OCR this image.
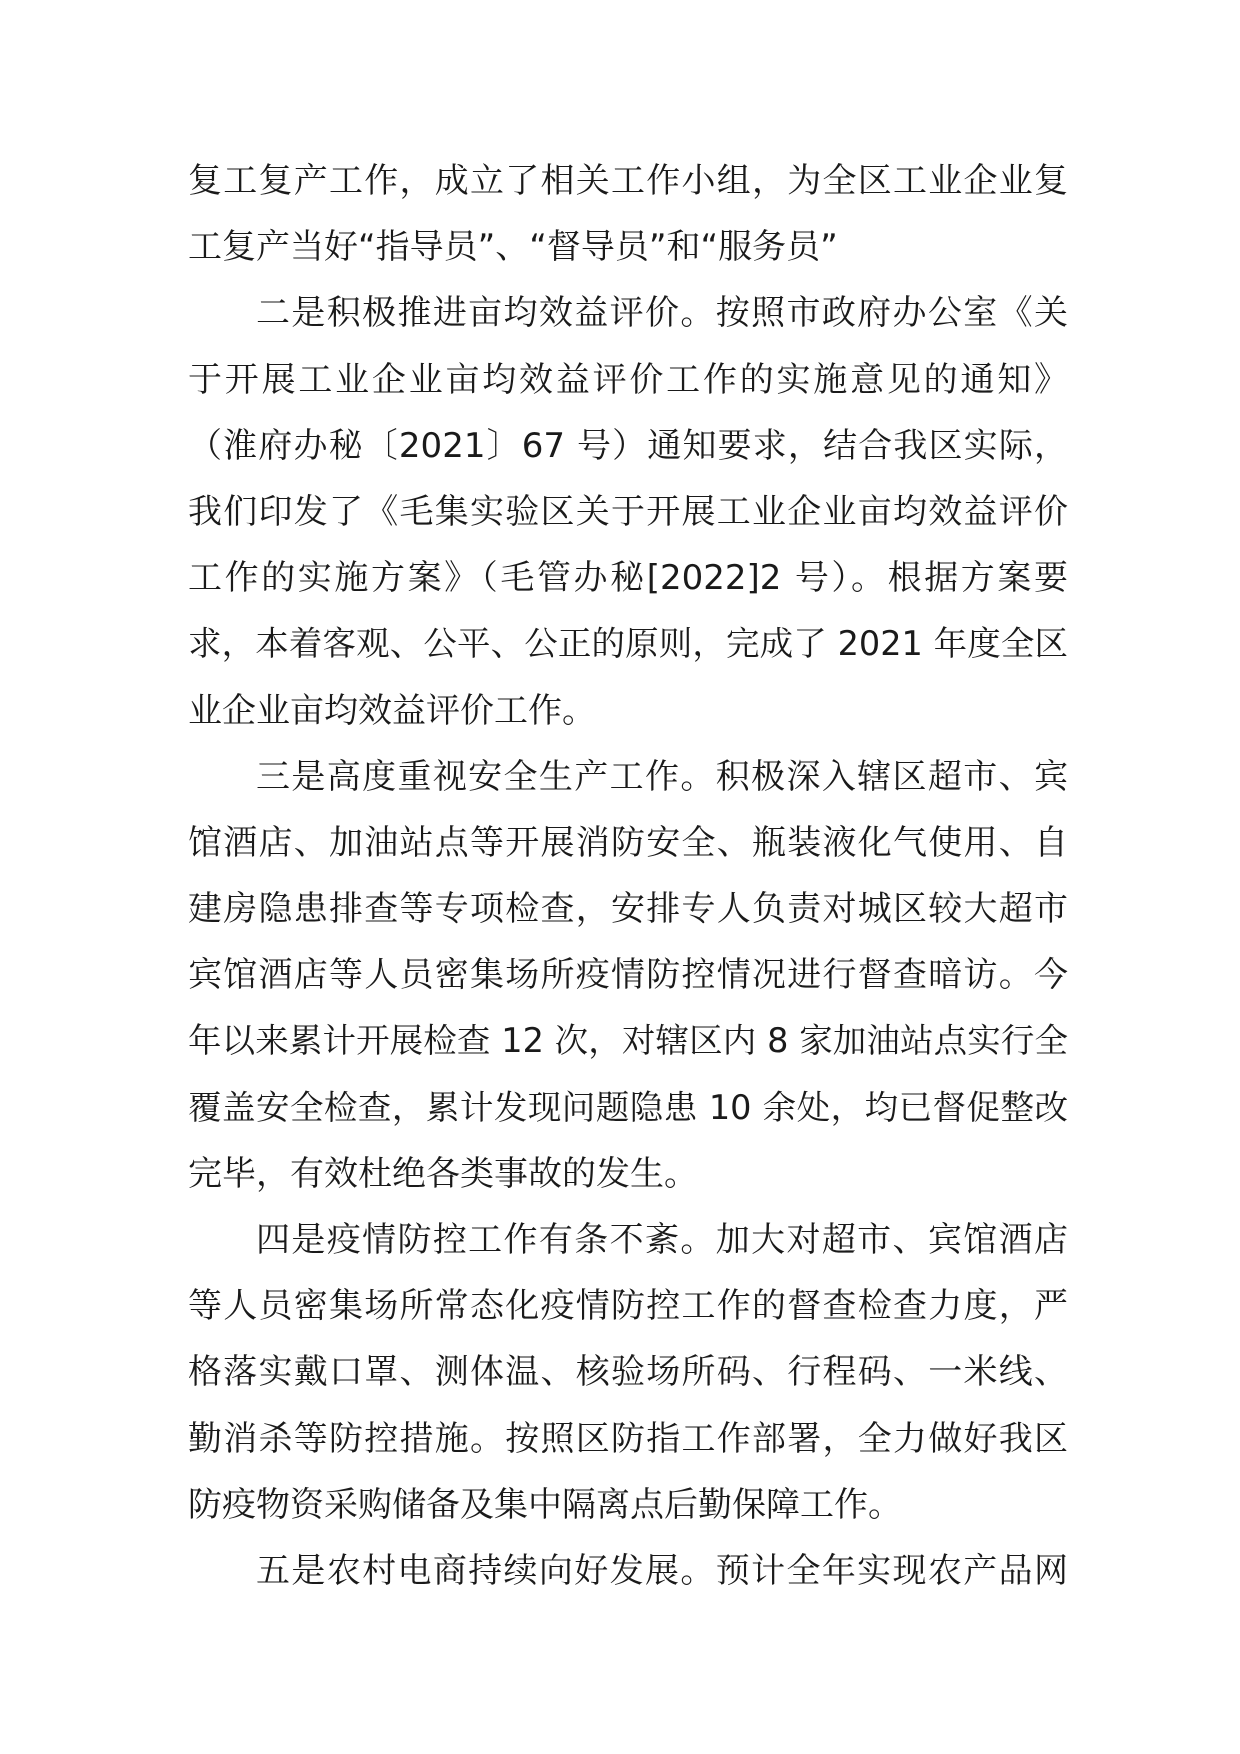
复工复产工作，成立了相关工作小组，为全区工业企业复
工复产当好“指导员”、“督导员”和“服务员”
二是积极推进亩均效益评价。按照市政府办公室《关
于开展工业企业亩均效益评价工作的实施意见的通知》
（淮府办秘〔2021〕67 号）通知要求，结合我区实际，
我们印发了《毛集实验区关于开展工业企业亩均效益评价
工作的实施方案》（毛管办秘[2022]2 号）。根据方案要
求，本着客观、公平、公正的原则，完成了 2021 年度全区
业企业亩均效益评价工作。
三是高度重视安全生产工作。积极深入辖区超市、宾
馆酒店、加油站点等开展消防安全、瓶装液化气使用、自
建房隐患排查等专项检查，安排专人负责对城区较大超市
宾馆酒店等人员密集场所疫情防控情况进行督查暗访。今
年以来累计开展检查 12 次，对辖区内 8 家加油站点实行全
覆盖安全检查，累计发现问题隐患 10 余处，均已督促整改
完毕，有效杜绝各类事故的发生。
四是疫情防控工作有条不紊。加大对超市、宾馆酒店
等人员密集场所常态化疫情防控工作的督查检查力度，严
格落实戴口罩、测体温、核验场所码、行程码、一米线、
勤消杀等防控措施。按照区防指工作部署，全力做好我区
防疫物资采购储备及集中隔离点后勤保障工作。
五是农村电商持续向好发展。预计全年实现农产品网
